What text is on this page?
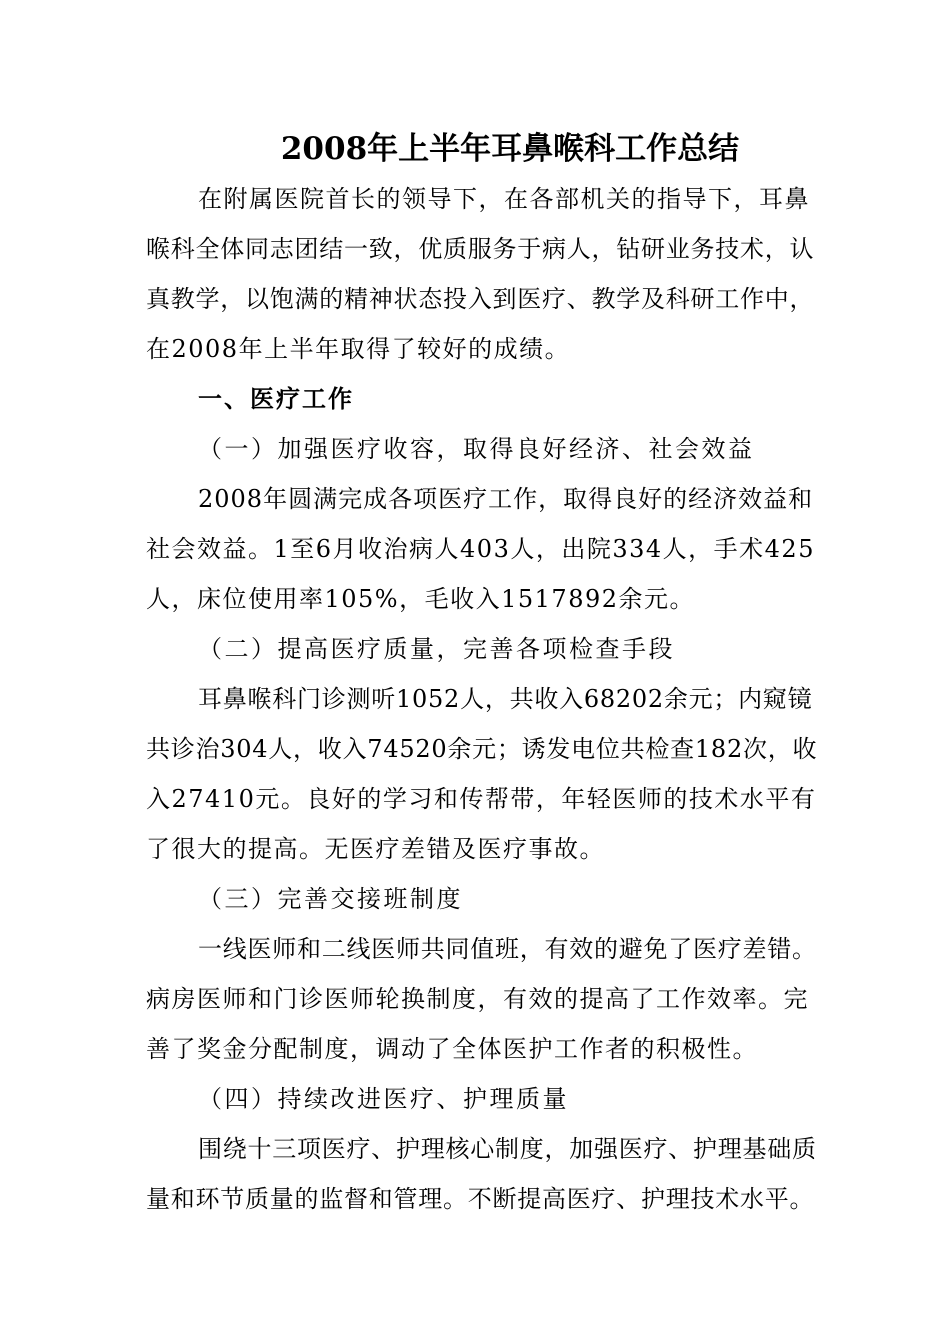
2008年上半年耳鼻喉科工作总结
在附属医院首长的领导下，在各部机关的指导下，耳鼻
喉科全体同志团结一致，优质服务于病人，钻研业务技术，认
真教学，以饱满的精神状态投入到医疗、教学及科研工作中，
在2008年上半年取得了较好的成绩。
一、医疗工作
（一）加强医疗收容，取得良好经济、社会效益
2008年圆满完成各项医疗工作，取得良好的经济效益和
社会效益。1至6月收治病人403人，出院334人，手术425
人，床位使用率105%，毛收入1517892余元。
（二）提高医疗质量，完善各项检查手段
耳鼻喉科门诊测听1052人，共收入68202余元；内窥镜
共诊治304人，收入74520余元；诱发电位共检查182次，收
入27410元。良好的学习和传帮带，年轻医师的技术水平有
了很大的提高。无医疗差错及医疗事故。
（三）完善交接班制度
一线医师和二线医师共同值班，有效的避免了医疗差错。
病房医师和门诊医师轮换制度，有效的提高了工作效率。完
善了奖金分配制度，调动了全体医护工作者的积极性。
（四）持续改进医疗、护理质量
围绕十三项医疗、护理核心制度，加强医疗、护理基础质
量和环节质量的监督和管理。不断提高医疗、护理技术水平。
